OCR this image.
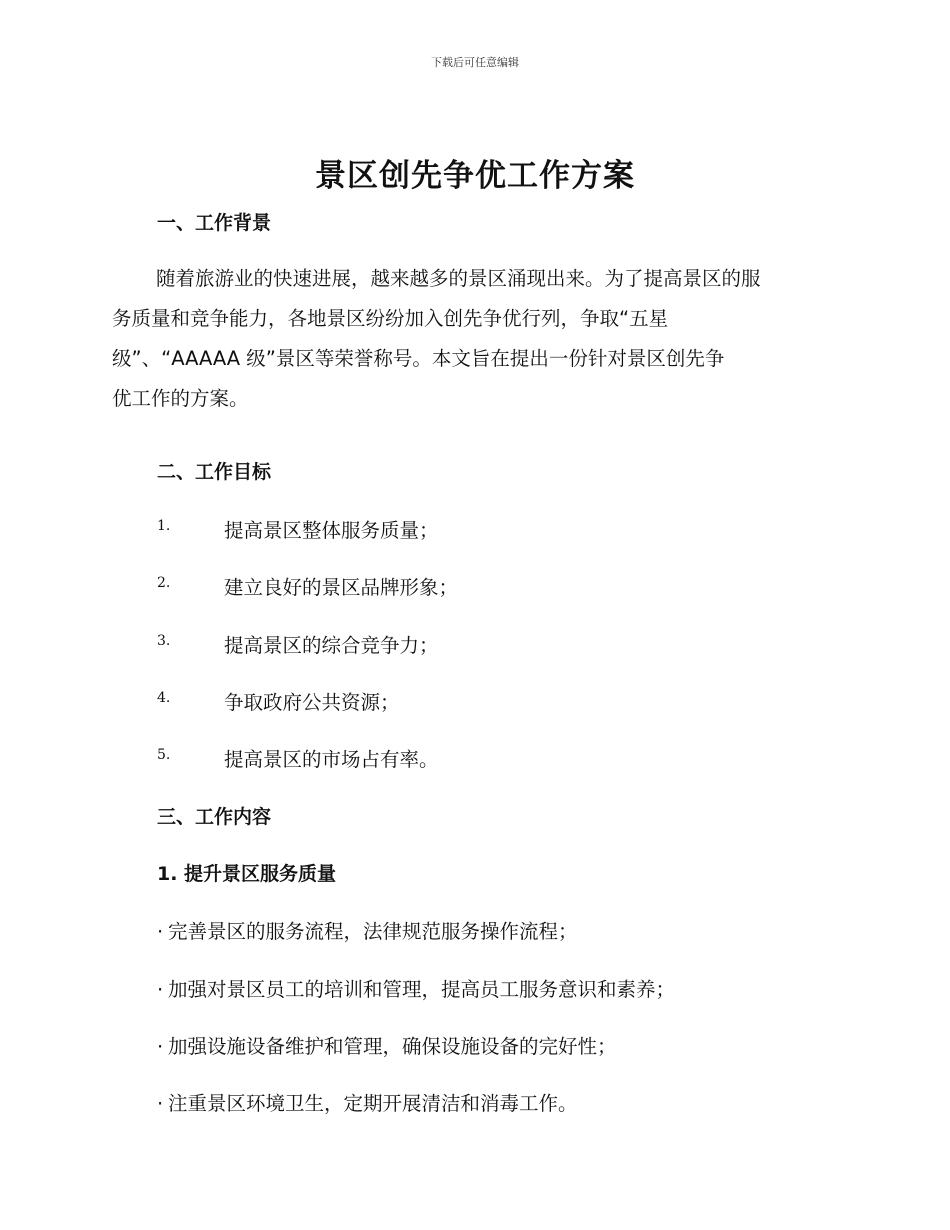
下载后可任意编辑
景区创先争优工作方案
一、工作背景

随着旅游业的快速进展，越来越多的景区涌现出来。为了提高景区的服
务质量和竞争能力，各地景区纷纷加入创先争优行列，争取“五星
级”、“AAAAA 级”景区等荣誉称号。本文旨在提出一份针对景区创先争
优工作的方案。

二、工作目标
1.	提高景区整体服务质量；
2.	建立良好的景区品牌形象；
3.	提高景区的综合竞争力；
4.	争取政府公共资源；
5.	提高景区的市场占有率。
三、工作内容
1. 提升景区服务质量
· 完善景区的服务流程，法律规范服务操作流程；
· 加强对景区员工的培训和管理，提高员工服务意识和素养；
· 加强设施设备维护和管理，确保设施设备的完好性；
· 注重景区环境卫生，定期开展清洁和消毒工作。
